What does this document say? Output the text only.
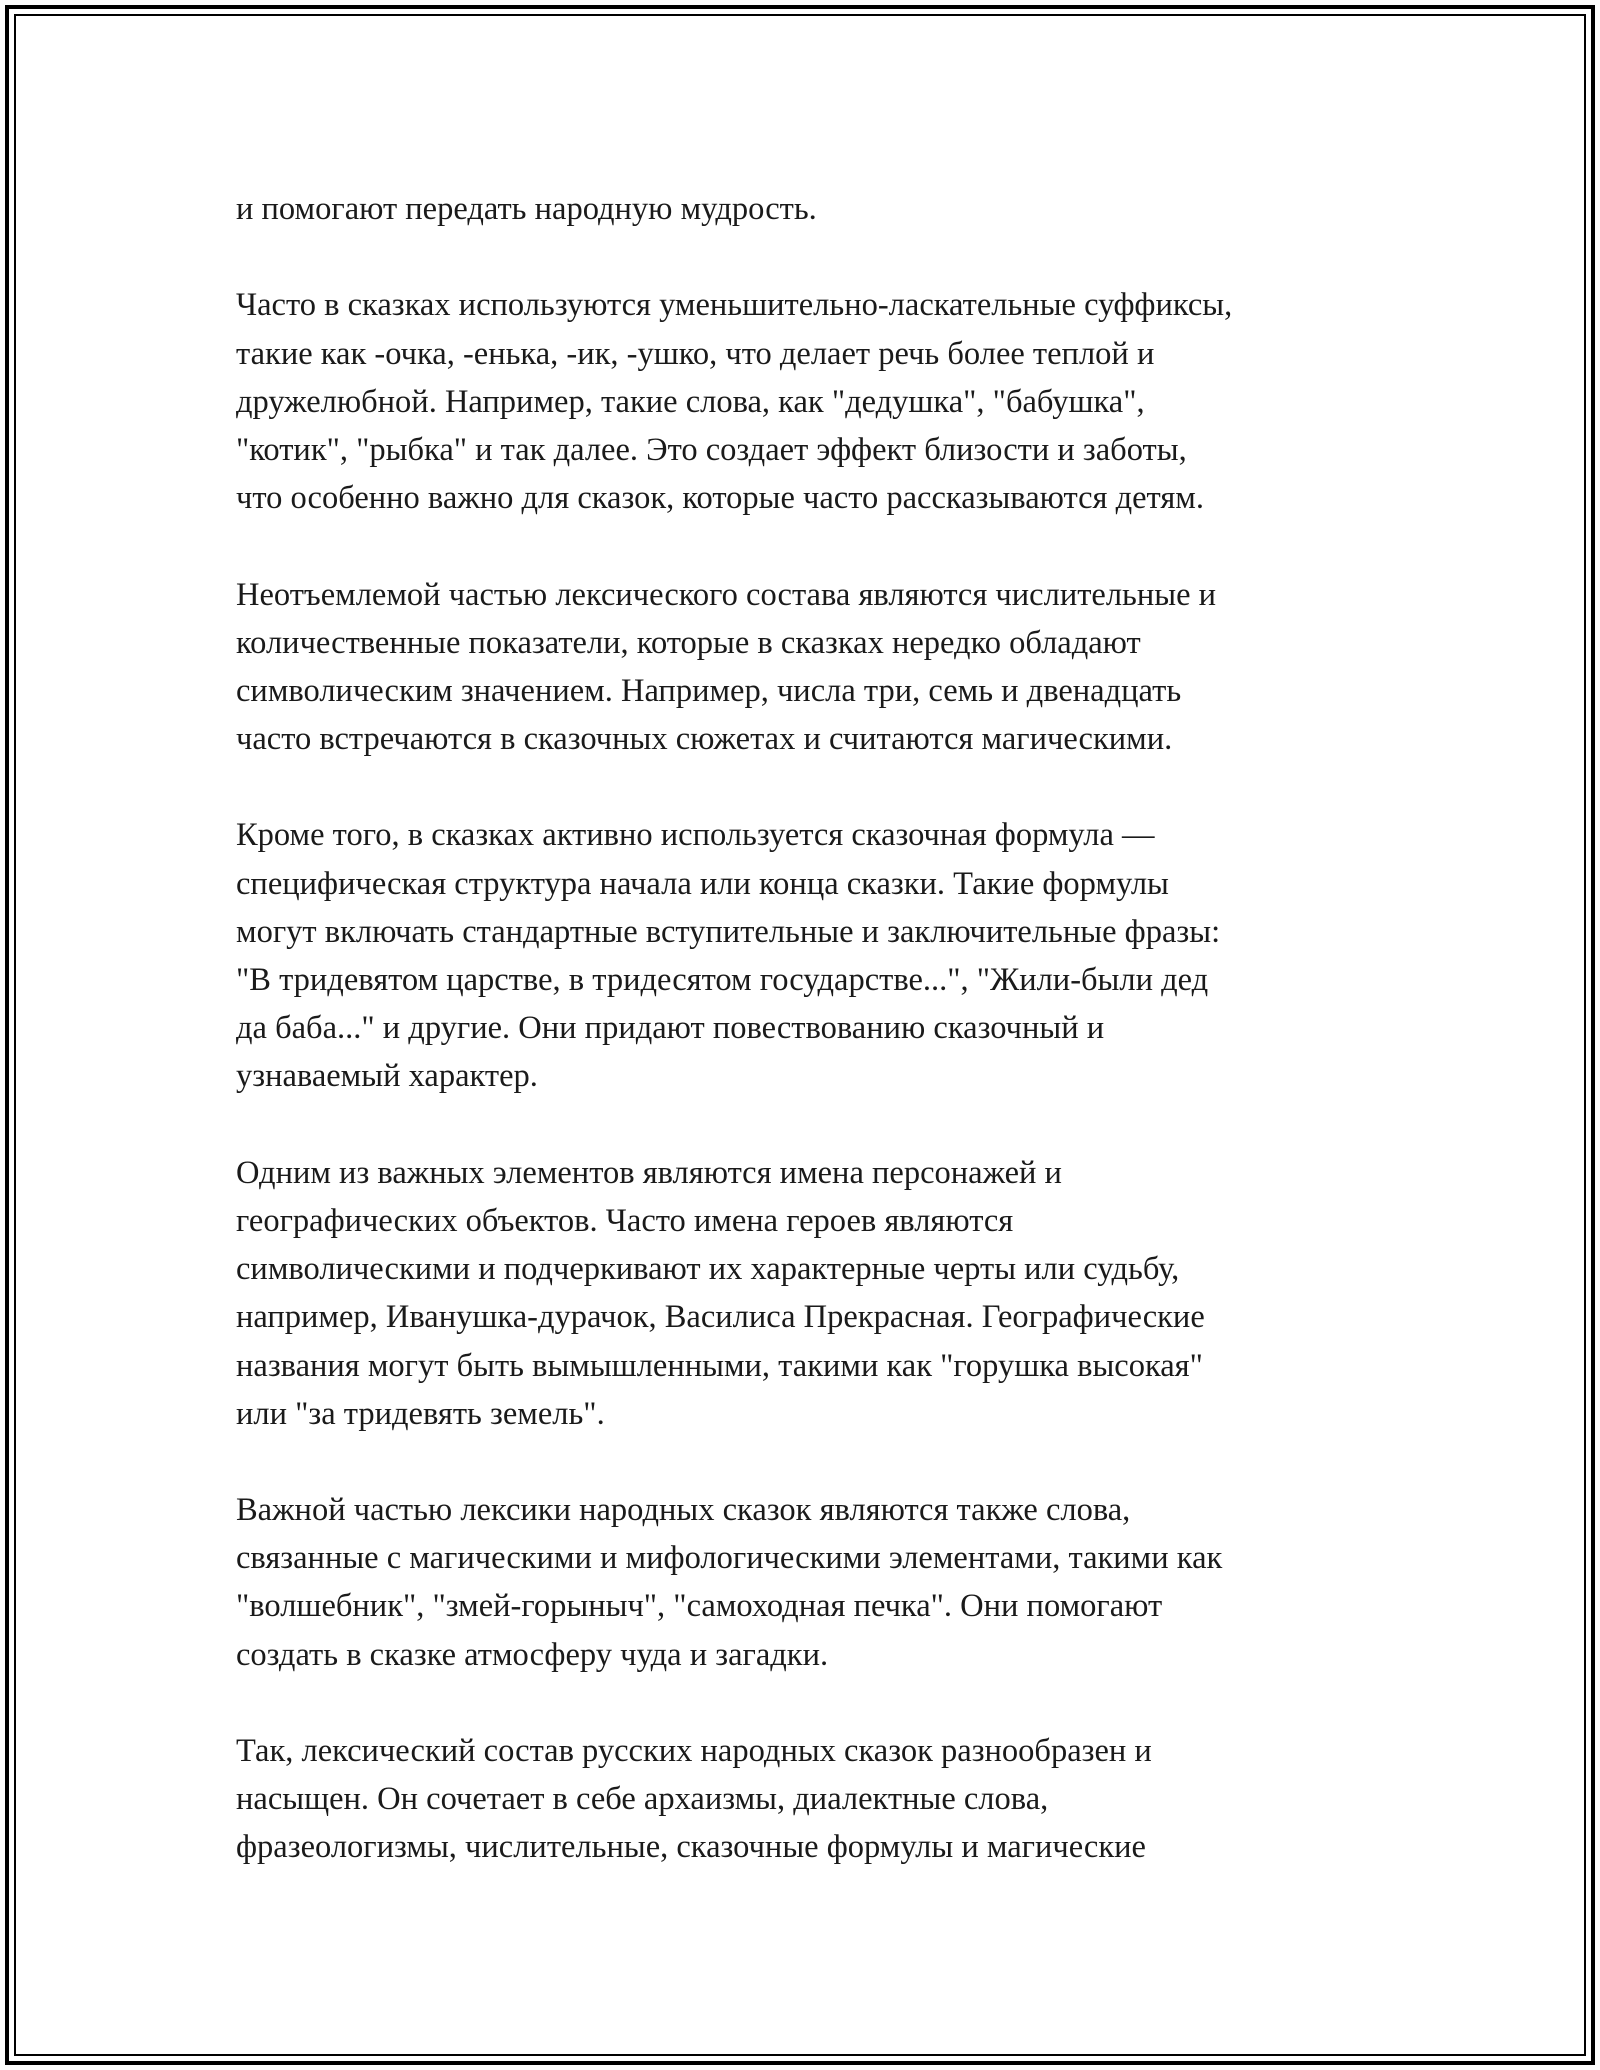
и помогают передать народную мудрость.
Часто в сказках используются уменьшительно-ласкательные суффиксы,
такие как -очка, -енька, -ик, -ушко, что делает речь более теплой и
дружелюбной. Например, такие слова, как "дедушка", "бабушка",
"котик", "рыбка" и так далее. Это создает эффект близости и заботы,
что особенно важно для сказок, которые часто рассказываются детям.
Неотъемлемой частью лексического состава являются числительные и
количественные показатели, которые в сказках нередко обладают
символическим значением. Например, числа три, семь и двенадцать
часто встречаются в сказочных сюжетах и считаются магическими.
Кроме того, в сказках активно используется сказочная формула —
специфическая структура начала или конца сказки. Такие формулы
могут включать стандартные вступительные и заключительные фразы:
"В тридевятом царстве, в тридесятом государстве...", "Жили-были дед
да баба..." и другие. Они придают повествованию сказочный и
узнаваемый характер.
Одним из важных элементов являются имена персонажей и
географических объектов. Часто имена героев являются
символическими и подчеркивают их характерные черты или судьбу,
например, Иванушка-дурачок, Василиса Прекрасная. Географические
названия могут быть вымышленными, такими как "горушка высокая"
или "за тридевять земель".
Важной частью лексики народных сказок являются также слова,
связанные с магическими и мифологическими элементами, такими как
"волшебник", "змей-горыныч", "самоходная печка". Они помогают
создать в сказке атмосферу чуда и загадки.
Так, лексический состав русских народных сказок разнообразен и
насыщен. Он сочетает в себе архаизмы, диалектные слова,
фразеологизмы, числительные, сказочные формулы и магические
